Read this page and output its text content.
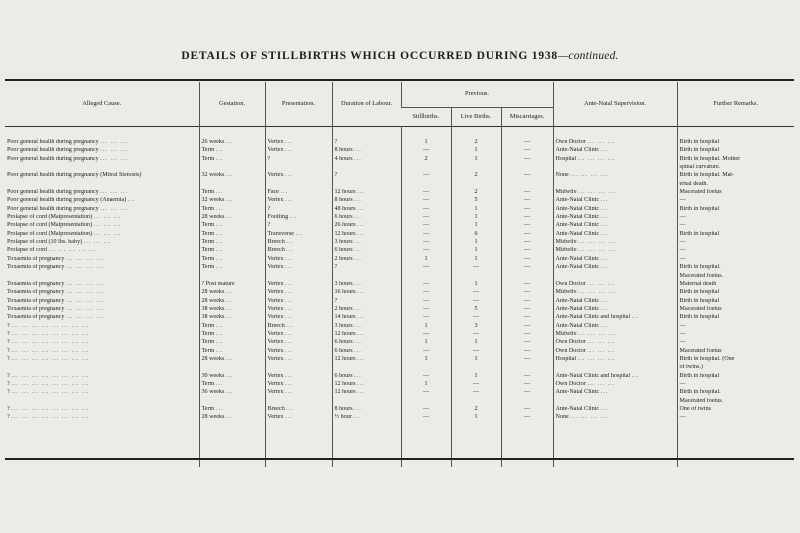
DETAILS OF STILLBIRTHS WHICH OCCURRED DURING 1938—continued.
Alleged Cause.	Gestation.	Presentation.	Duration of Labour.	Previous.			Ante-Natal Supervision.	Further Remarks.
				Stillbirths.	Live Births.	Miscarriages.		

Poor general health during pregnancy ... ... ...	26 weeks ...	Vertex ...	?	1	2	—	Own Doctor ... ... ...	Birth in hospital
Poor general health during pregnancy ... ... ...	Term ...	Vertex ...	8 hours ...	—	1	—	Ante-Natal Clinic ...	Birth in hospital
Poor general health during pregnancy ... ... ...	Term ...	?	4 hours ...	2	1	—	Hospital ... ... ... ...	Birth in hospital. Mother
								spinal curvature.
Poor general health during pregnancy (Mitral Stenosis)	32 weeks ...	Vertex ...	?	—	2	—	None ... ... ... ...	Birth in hospital. Mat-
								ernal death.
Poor general health during pregnancy ... ... ...	Term ...	Face ...	12 hours ...	—	2	—	Midwife ... ... ... ...	Macerated foetus
Poor general health during pregnancy (Anaemia) ...	32 weeks ...	Vertex ...	8 hours ...	—	5	—	Ante-Natal Clinic ...	—
Poor general health during pregnancy ... ... ...	Term ...	?	48 hours ...	—	1	—	Ante-Natal Clinic ...	Birth in hospital
Prolapse of cord (Malpresentation) ... ... ...	28 weeks ...	Footling ...	6 hours ...	—	1	—	Ante-Natal Clinic ...	—
Prolapse of cord (Malpresentation) ... ... ...	Term ...	?	26 hours ...	—	1	—	Ante-Natal Clinic ...	—
Prolapse of cord (Malpresentation) ... ... ...	Term ...	Transverse ...	12 hours ...	—	6	—	Ante-Natal Clinic ...	Birth in hospital
Prolapse of cord (10 lbs. baby) ... ... ...	Term ...	Breech ...	3 hours ...	—	1	—	Midwife ... ... ... ...	—
Prolapse of cord ... ... ... ... ...	Term ...	Breech ...	6 hours ...	—	1	—	Midwife ... ... ... ...	—
Toxaemia of pregnancy ... ... ... ...	Term ...	Vertex ...	2 hours ...	1	1	—	Ante-Natal Clinic ...	—
Toxaemia of pregnancy ... ... ... ...	Term ...	Vertex ...	?	—	—	—	Ante-Natal Clinic ...	Birth in hospital.
								Macerated foetus.
Toxaemia of pregnancy ... ... ... ...	? Post mature	Vertex ...	3 hours ...	—	1	—	Own Doctor ... ... ...	Maternal death
Toxaemia of pregnancy ... ... ... ...	28 weeks ...	Vertex ...	16 hours ...	—	—	—	Midwife ... ... ... ...	Birth in hospital
Toxaemia of pregnancy ... ... ... ...	28 weeks ...	Vertex ...	?	—	—	—	Ante-Natal Clinic ...	Birth in hospital
Toxaemia of pregnancy ... ... ... ...	38 weeks ...	Vertex ...	2 hours ...	—	5	—	Ante-Natal Clinic ...	Macerated foetus
Toxaemia of pregnancy ... ... ... ...	38 weeks ...	Vertex ...	14 hours ...	—	—	—	Ante-Natal Clinic and hospital ...	Birth in hospital
? ... ... ... ... ... ... ... ...	Term ...	Breech ...	3 hours ...	1	3	—	Ante-Natal Clinic ...	—
? ... ... ... ... ... ... ... ...	Term ...	Vertex ...	12 hours ...	—	—	—	Midwife ... ... ... ...	—
? ... ... ... ... ... ... ... ...	Term ...	Vertex ...	6 hours ...	1	1	—	Own Doctor ... ... ...	—
? ... ... ... ... ... ... ... ...	Term ...	Vertex ...	6 hours ...	—	—	—	Own Doctor ... ... ...	Macerated foetus
? ... ... ... ... ... ... ... ...	28 weeks ...	Vertex ...	12 hours ...	1	1	—	Hospital ... ... ... ...	Birth in hospital. (One
								of twins.)
? ... ... ... ... ... ... ... ...	30 weeks ...	Vertex ...	6 hours ...	—	1	—	Ante-Natal Clinic and hospital ...	Birth in hospital
? ... ... ... ... ... ... ... ...	Term ...	Vertex ...	12 hours ...	1	—	—	Own Doctor ... ... ...	—
? ... ... ... ... ... ... ... ...	36 weeks ...	Vertex ...	12 hours ...	—	—	—	Ante-Natal Clinic ...	Birth in hospital.
								Macerated foetus.
? ... ... ... ... ... ... ... ...	Term ...	Breech ...	8 hours ...	—	2	—	Ante-Natal Clinic ...	One of twins
? ... ... ... ... ... ... ... ...	28 weeks ...	Vertex ...	½ hour ...	—	1	—	None ... ... ... ...	—
